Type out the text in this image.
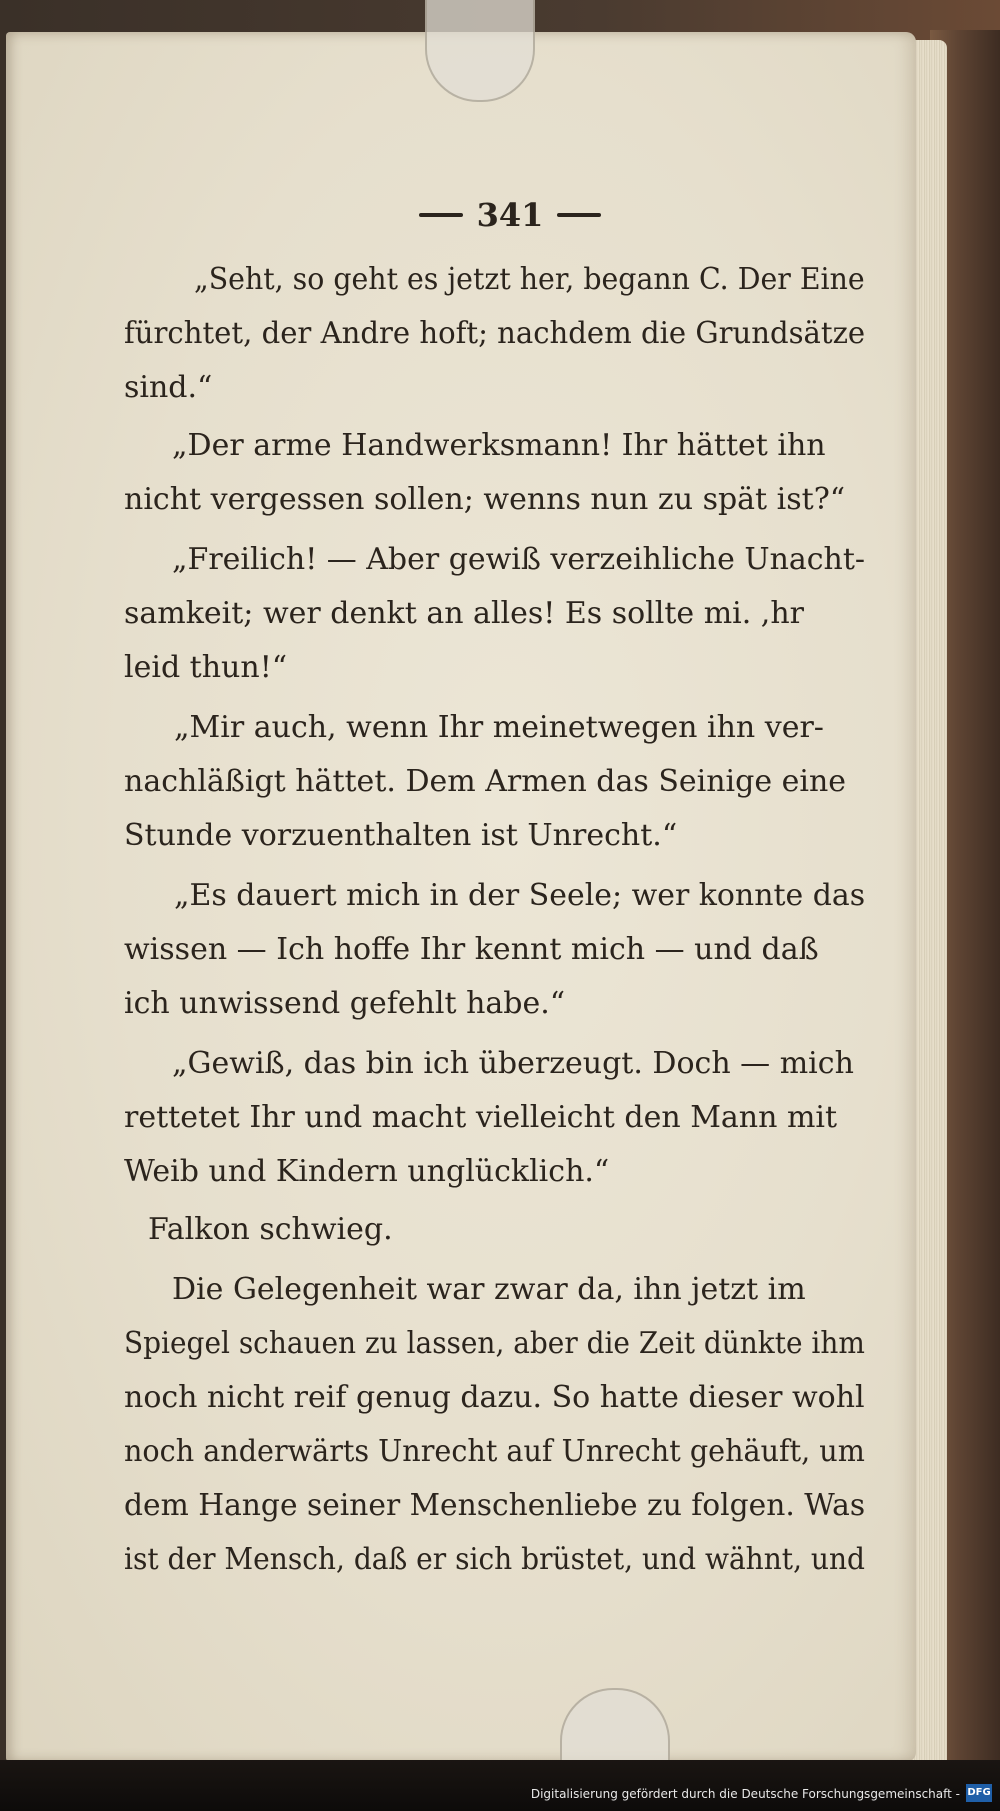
341
„Seht, so geht es jetzt her, begann C. Der Eine
fürchtet, der Andre hoft; nachdem die Grundsätze
sind.“
„Der arme Handwerksmann! Ihr hättet ihn
nicht vergessen sollen; wenns nun zu spät ist?“
„Freilich! — Aber gewiß verzeihliche Unacht-
samkeit; wer denkt an alles! Es sollte mi. ,hr
leid thun!“
„Mir auch, wenn Ihr meinetwegen ihn ver-
nachläßigt hättet. Dem Armen das Seinige eine
Stunde vorzuenthalten ist Unrecht.“
„Es dauert mich in der Seele; wer konnte das
wissen — Ich hoffe Ihr kennt mich — und daß
ich unwissend gefehlt habe.“
„Gewiß, das bin ich überzeugt. Doch — mich
rettetet Ihr und macht vielleicht den Mann mit
Weib und Kindern unglücklich.“
Falkon schwieg.
Die Gelegenheit war zwar da, ihn jetzt im
Spiegel schauen zu lassen, aber die Zeit dünkte ihm
noch nicht reif genug dazu. So hatte dieser wohl
noch anderwärts Unrecht auf Unrecht gehäuft, um
dem Hange seiner Menschenliebe zu folgen. Was
ist der Mensch, daß er sich brüstet, und wähnt, und
Digitalisierung gefördert durch die Deutsche Forschungsgemeinschaft - DFG
